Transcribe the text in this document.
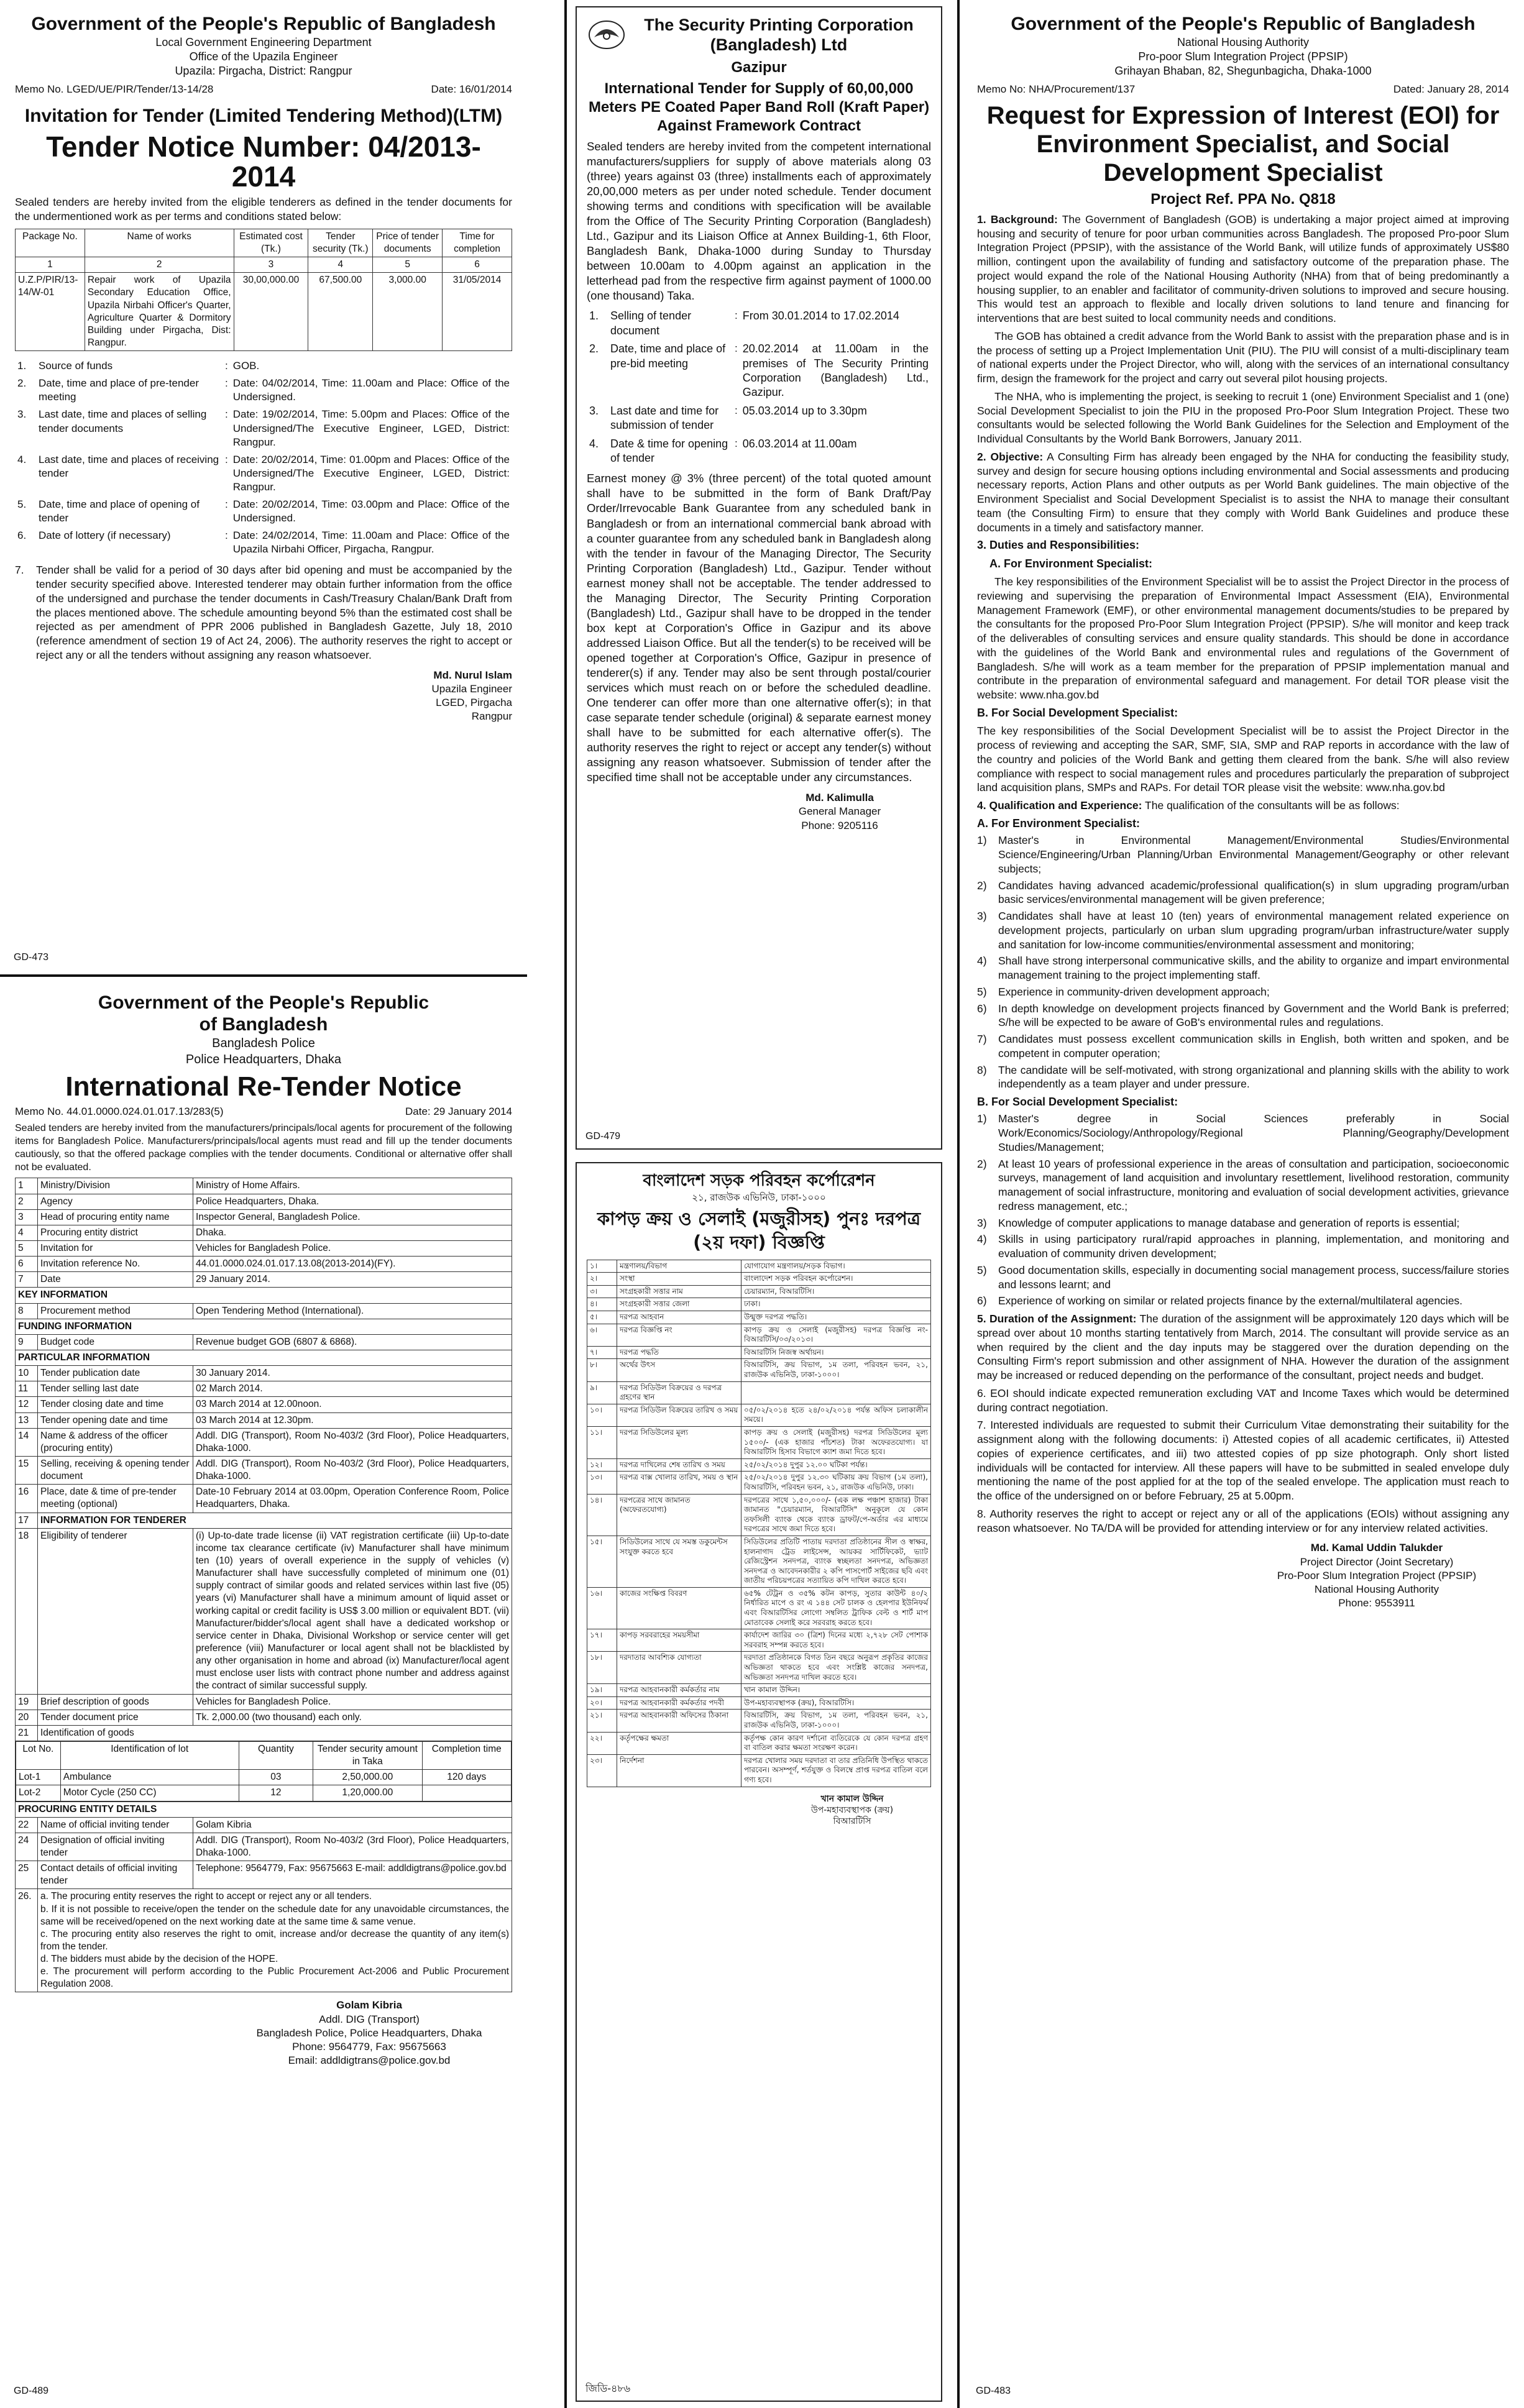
Government of the People's Republic of Bangladesh
Local Government Engineering Department
Office of the Upazila Engineer
Upazila: Pirgacha, District: Rangpur
Memo No. LGED/UE/PIR/Tender/13-14/28	Date: 16/01/2014
Invitation for Tender (Limited Tendering Method)(LTM)
Tender Notice Number: 04/2013-2014
Sealed tenders are hereby invited from the eligible tenderers as defined in the tender documents for the undermentioned work as per terms and conditions stated below:
Package No.	Name of works	Estimated cost (Tk.)	Tender security (Tk.)	Price of tender documents	Time for completion
1	2	3	4	5	6
U.Z.P/PIR/13-14/W-01	Repair work of Upazila Secondary Education Office, Upazila Nirbahi Officer's Quarter, Agriculture Quarter & Dormitory Building under Pirgacha, Dist: Rangpur.	30,00,000.00	67,500.00	3,000.00	31/05/2014
1.	Source of funds	:	GOB.
2.	Date, time and place of pre-tender meeting	:	Date: 04/02/2014, Time: 11.00am and Place: Office of the Undersigned.
3.	Last date, time and places of selling tender documents	:	Date: 19/02/2014, Time: 5.00pm and Places: Office of the Undersigned/The Executive Engineer, LGED, District: Rangpur.
4.	Last date, time and places of receiving tender	:	Date: 20/02/2014, Time: 01.00pm and Places: Office of the Undersigned/The Executive Engineer, LGED, District: Rangpur.
5.	Date, time and place of opening of tender	:	Date: 20/02/2014, Time: 03.00pm and Place: Office of the Undersigned.
6.	Date of lottery (if necessary)	:	Date: 24/02/2014, Time: 11.00am and Place: Office of the Upazila Nirbahi Officer, Pirgacha, Rangpur.
7.	Tender shall be valid for a period of 30 days after bid opening and must be accompanied by the tender security specified above. Interested tenderer may obtain further information from the office of the undersigned and purchase the tender documents in Cash/Treasury Chalan/Bank Draft from the places mentioned above. The schedule amounting beyond 5% than the estimated cost shall be rejected as per amendment of PPR 2006 published in Bangladesh Gazette, July 18, 2010 (reference amendment of section 19 of Act 24, 2006). The authority reserves the right to accept or reject any or all the tenders without assigning any reason whatsoever.
Md. Nurul Islam
Upazila Engineer
LGED, Pirgacha
Rangpur
GD-473
Government of the People's Republic
of Bangladesh
Bangladesh Police
Police Headquarters, Dhaka
International Re-Tender Notice
Memo No. 44.01.0000.024.01.017.13/283(5)	Date: 29 January 2014
Sealed tenders are hereby invited from the manufacturers/principals/local agents for procurement of the following items for Bangladesh Police. Manufacturers/principals/local agents must read and fill up the tender documents cautiously, so that the offered package complies with the tender documents. Conditional or alternative offer shall not be evaluated.
1	Ministry/Division	Ministry of Home Affairs.
2	Agency	Police Headquarters, Dhaka.
3	Head of procuring entity name	Inspector General, Bangladesh Police.
4	Procuring entity district	Dhaka.
5	Invitation for	Vehicles for Bangladesh Police.
6	Invitation reference No.	44.01.0000.024.01.017.13.08(2013-2014)(FY).
7	Date	29 January 2014.
KEY INFORMATION
8	Procurement method	Open Tendering Method (International).
FUNDING INFORMATION
9	Budget code	Revenue budget GOB (6807 & 6868).
PARTICULAR INFORMATION
10	Tender publication date	30 January 2014.
11	Tender selling last date	02 March 2014.
12	Tender closing date and time	03 March 2014 at 12.00noon.
13	Tender opening date and time	03 March 2014 at 12.30pm.
14	Name & address of the officer (procuring entity)	Addl. DIG (Transport), Room No-403/2 (3rd Floor), Police Headquarters, Dhaka-1000.
15	Selling, receiving & opening tender document	Addl. DIG (Transport), Room No-403/2 (3rd Floor), Police Headquarters, Dhaka-1000.
16	Place, date & time of pre-tender meeting (optional)	Date-10 February 2014 at 03.00pm, Operation Conference Room, Police Headquarters, Dhaka.
17	INFORMATION FOR TENDERER
18	Eligibility of tenderer	(i) Up-to-date trade license (ii) VAT registration certificate (iii) Up-to-date income tax clearance certificate (iv) Manufacturer shall have minimum ten (10) years of overall experience in the supply of vehicles (v) Manufacturer shall have successfully completed of minimum one (01) supply contract of similar goods and related services within last five (05) years (vi) Manufacturer shall have a minimum amount of liquid asset or working capital or credit facility is US$ 3.00 million or equivalent BDT. (vii) Manufacturer/bidder's/local agent shall have a dedicated workshop or service center in Dhaka, Divisional Workshop or service center will get preference (viii) Manufacturer or local agent shall not be blacklisted by any other organisation in home and abroad (ix) Manufacturer/local agent must enclose user lists with contract phone number and address against the contract of similar successful supply.
19	Brief description of goods	Vehicles for Bangladesh Police.
20	Tender document price	Tk. 2,000.00 (two thousand) each only.
21	Identification of goods

Lot No.	Identification of lot	Quantity	Tender security amount in Taka	Completion time
Lot-1	Ambulance	03	2,50,000.00	120 days
Lot-2	Motor Cycle (250 CC)	12	1,20,000.00	

PROCURING ENTITY DETAILS
22	Name of official inviting tender	Golam Kibria
24	Designation of official inviting tender	Addl. DIG (Transport), Room No-403/2 (3rd Floor), Police Headquarters, Dhaka-1000.
25	Contact details of official inviting tender	Telephone: 9564779, Fax: 95675663 E-mail: addldigtrans@police.gov.bd
26.	a. The procuring entity reserves the right to accept or reject any or all tenders.
b. If it is not possible to receive/open the tender on the schedule date for any unavoidable circumstances, the same will be received/opened on the next working date at the same time & same venue.
c. The procuring entity also reserves the right to omit, increase and/or decrease the quantity of any item(s) from the tender.
d. The bidders must abide by the decision of the HOPE.
e. The procurement will perform according to the Public Procurement Act-2006 and Public Procurement Regulation 2008.
Golam Kibria
Addl. DIG (Transport)
Bangladesh Police, Police Headquarters, Dhaka
Phone: 9564779, Fax: 95675663
Email: addldigtrans@police.gov.bd
GD-489
The Security Printing Corporation (Bangladesh) Ltd
Gazipur
International Tender for Supply of 60,00,000 Meters PE Coated Paper Band Roll (Kraft Paper) Against Framework Contract
Sealed tenders are hereby invited from the competent international manufacturers/suppliers for supply of above materials along 03 (three) years against 03 (three) installments each of approximately 20,00,000 meters as per under noted schedule. Tender document showing terms and conditions with specification will be available from the Office of The Security Printing Corporation (Bangladesh) Ltd., Gazipur and its Liaison Office at Annex Building-1, 6th Floor, Bangladesh Bank, Dhaka-1000 during Sunday to Thursday between 10.00am to 4.00pm against an application in the letterhead pad from the respective firm against payment of 1000.00 (one thousand) Taka.
1.	Selling of tender document	:	From 30.01.2014 to 17.02.2014
2.	Date, time and place of pre-bid meeting	:	20.02.2014 at 11.00am in the premises of The Security Printing Corporation (Bangladesh) Ltd., Gazipur.
3.	Last date and time for submission of tender	:	05.03.2014 up to 3.30pm
4.	Date & time for opening of tender	:	06.03.2014 at 11.00am
Earnest money @ 3% (three percent) of the total quoted amount shall have to be submitted in the form of Bank Draft/Pay Order/Irrevocable Bank Guarantee from any scheduled bank in Bangladesh or from an international commercial bank abroad with a counter guarantee from any scheduled bank in Bangladesh along with the tender in favour of the Managing Director, The Security Printing Corporation (Bangladesh) Ltd., Gazipur. Tender without earnest money shall not be acceptable. The tender addressed to the Managing Director, The Security Printing Corporation (Bangladesh) Ltd., Gazipur shall have to be dropped in the tender box kept at Corporation's Office in Gazipur and its above addressed Liaison Office. But all the tender(s) to be received will be opened together at Corporation's Office, Gazipur in presence of tenderer(s) if any. Tender may also be sent through postal/courier services which must reach on or before the scheduled deadline. One tenderer can offer more than one alternative offer(s); in that case separate tender schedule (original) & separate earnest money shall have to be submitted for each alternative offer(s). The authority reserves the right to reject or accept any tender(s) without assigning any reason whatsoever. Submission of tender after the specified time shall not be acceptable under any circumstances.
Md. Kalimulla
General Manager
Phone: 9205116
GD-479
বাংলাদেশ সড়ক পরিবহন কর্পোরেশন
২১, রাজউক এভিনিউ, ঢাকা-১০০০
কাপড় ক্রয় ও সেলাই (মজুরীসহ) পুনঃ দরপত্র (২য় দফা) বিজ্ঞপ্তি
১।	মন্ত্রণালয়/বিভাগ	যোগাযোগ মন্ত্রণালয়/সড়ক বিভাগ।
২।	সংস্থা	বাংলাদেশ সড়ক পরিবহন কর্পোরেশন।
৩।	সংগ্রহকারী সত্তার নাম	চেয়ারম্যান, বিআরটিসি।
৪।	সংগ্রহকারী সত্তার জেলা	ঢাকা।
৫।	দরপত্র আহবান	উন্মুক্ত দরপত্র পদ্ধতি।
৬।	দরপত্র বিজ্ঞপ্তি নং	কাপড় ক্রয় ও সেলাই (মজুরীসহ) দরপত্র বিজ্ঞপ্তি নং-বিআরটিসি/০৩/২০১৩।
৭।	দরপত্র পদ্ধতি	বিআরটিসি নিজস্ব অর্থায়ন।
৮।	অর্থের উৎস	বিআরটিসি, ক্রয় বিভাগ, ১ম তলা, পরিবহন ভবন, ২১, রাজউক এভিনিউ, ঢাকা-১০০০।
৯।	দরপত্র সিডিউল বিক্রয়ের ও দরপত্র গ্রহণের স্থান	
১০।	দরপত্র সিডিউল বিক্রয়ের তারিখ ও সময়	০৫/০২/২০১৪ হতে ২৪/০২/২০১৪ পর্যন্ত অফিস চলাকালীন সময়ে।
১১।	দরপত্র সিডিউলের মূল্য	কাপড় ক্রয় ও সেলাই (মজুরীসহ) দরপত্র সিডিউলের মূল্য ১৫০০/- (এক হাজার পাঁচশত) টাকা অফেরতযোগ্য। যা বিআরটিসি হিসাব বিভাগে ক্যাশ জমা দিতে হবে।
১২।	দরপত্র দাখিলের শেষ তারিখ ও সময়	২৫/০২/২০১৪ দুপুর ১২.০০ ঘটিকা পর্যন্ত।
১৩।	দরপত্র বাক্স খোলার তারিখ, সময় ও স্থান	২৫/০২/২০১৪ দুপুর ১২.৩০ ঘটিকায় ক্রয় বিভাগ (১ম তলা), বিআরটিসি, পরিবহন ভবন, ২১, রাজউক এভিনিউ, ঢাকা।
১৪।	দরপত্রের সাথে জামানত (অফেরতযোগ্য)	দরপত্রের সাথে ১,৫০,০০০/- (এক লক্ষ পঞ্চাশ হাজার) টাকা জামানত "চেয়ারম্যান, বিআরটিসি" অনুকূলে যে কোন তফসিলী ব্যাংক থেকে ব্যাংক ড্রাফট/পে-অর্ডার এর মাধ্যমে দরপত্রের সাথে জমা দিতে হবে।
১৫।	সিডিউলের সাথে যে সমস্ত ডকুমেন্টস সংযুক্ত করতে হবে	সিডিউলের প্রতিটি পাতায় দরদাতা প্রতিষ্ঠানের সীল ও স্বাক্ষর, হালনাগাদ ট্রেড লাইসেন্স, আয়কর সার্টিফিকেট, ভ্যাট রেজিস্ট্রেশন সনদপত্র, ব্যাংক স্বচ্ছলতা সনদপত্র, অভিজ্ঞতা সনদপত্র ও আবেদনকারীর ২ কপি পাসপোর্ট সাইজের ছবি এবং জাতীয় পরিচয়পত্রের সত্যায়িত কপি দাখিল করতে হবে।
১৬।	কাজের সংক্ষিপ্ত বিবরণ	৬৫% টেট্রন ও ৩৫% কটন কাপড়, সুতার কাউন্ট ৪০/২ নির্ধারিত মাপে ও রং এ ১৪৪ সেট চালক ও হেলপার ইউনিফর্ম এবং বিআরটিসির লোগো সম্বলিত ট্রাফিক বেল্ট ও শার্ট মাপ মোতাবেক সেলাই করে সরবরাহ করতে হবে।
১৭।	কাপড় সরবরাহের সময়সীমা	কার্যাদেশ জারির ৩০ (ত্রিশ) দিনের মধ্যে ২,৭২৮ সেট পোশাক সরবরাহ সম্পন্ন করতে হবে।
১৮।	দরদাতার আবশ্যিক যোগ্যতা	দরদাতা প্রতিষ্ঠানকে বিগত তিন বছরে অনুরূপ প্রকৃতির কাজের অভিজ্ঞতা থাকতে হবে এবং সংশ্লিষ্ট কাজের সনদপত্র, অভিজ্ঞতা সনদপত্র দাখিল করতে হবে।
১৯।	দরপত্র আহবানকারী কর্মকর্তার নাম	খান কামাল উদ্দিন।
২০।	দরপত্র আহবানকারী কর্মকর্তার পদবী	উপ-মহাব্যবস্থাপক (ক্রয়), বিআরটিসি।
২১।	দরপত্র আহবানকারী অফিসের ঠিকানা	বিআরটিসি, ক্রয় বিভাগ, ১ম তলা, পরিবহন ভবন, ২১, রাজউক এভিনিউ, ঢাকা-১০০০।
২২।	কর্তৃপক্ষের ক্ষমতা	কর্তৃপক্ষ কোন কারণ দর্শানো ব্যতিরেকে যে কোন দরপত্র গ্রহণ বা বাতিল করার ক্ষমতা সংরক্ষণ করেন।
২৩।	নির্দেশনা	দরপত্র খোলার সময় দরদাতা বা তার প্রতিনিধি উপস্থিত থাকতে পারবেন। অসম্পূর্ণ, শর্তযুক্ত ও বিলম্বে প্রাপ্ত দরপত্র বাতিল বলে গণ্য হবে।
খান কামাল উদ্দিন
উপ-মহাব্যবস্থাপক (ক্রয়)
বিআরটিসি
জিডি-৪৮৬
Government of the People's Republic of Bangladesh
National Housing Authority
Pro-poor Slum Integration Project (PPSIP)
Grihayan Bhaban, 82, Shegunbagicha, Dhaka-1000
Memo No: NHA/Procurement/137	Dated: January 28, 2014
Request for Expression of Interest (EOI) for Environment Specialist, and Social Development Specialist
Project Ref. PPA No. Q818
1. Background: The Government of Bangladesh (GOB) is undertaking a major project aimed at improving housing and security of tenure for poor urban communities across Bangladesh. The proposed Pro-poor Slum Integration Project (PPSIP), with the assistance of the World Bank, will utilize funds of approximately US$80 million, contingent upon the availability of funding and satisfactory outcome of the preparation phase. The project would expand the role of the National Housing Authority (NHA) from that of being predominantly a housing supplier, to an enabler and facilitator of community-driven solutions to improved and secure housing. This would test an approach to flexible and locally driven solutions to land tenure and financing for interventions that are best suited to local community needs and conditions.
The GOB has obtained a credit advance from the World Bank to assist with the preparation phase and is in the process of setting up a Project Implementation Unit (PIU). The PIU will consist of a multi-disciplinary team of national experts under the Project Director, who will, along with the services of an international consultancy firm, design the framework for the project and carry out several pilot housing projects.
The NHA, who is implementing the project, is seeking to recruit 1 (one) Environment Specialist and 1 (one) Social Development Specialist to join the PIU in the proposed Pro-Poor Slum Integration Project. These two consultants would be selected following the World Bank Guidelines for the Selection and Employment of the Individual Consultants by the World Bank Borrowers, January 2011.
2. Objective: A Consulting Firm has already been engaged by the NHA for conducting the feasibility study, survey and design for secure housing options including environmental and Social assessments and producing necessary reports, Action Plans and other outputs as per World Bank guidelines. The main objective of the Environment Specialist and Social Development Specialist is to assist the NHA to manage their consultant team (the Consulting Firm) to ensure that they comply with World Bank Guidelines and produce these documents in a timely and satisfactory manner.
3. Duties and Responsibilities:
A. For Environment Specialist:
The key responsibilities of the Environment Specialist will be to assist the Project Director in the process of reviewing and supervising the preparation of Environmental Impact Assessment (EIA), Environmental Management Framework (EMF), or other environmental management documents/studies to be prepared by the consultants for the proposed Pro-Poor Slum Integration Project (PPSIP). S/he will monitor and keep track of the deliverables of consulting services and ensure quality standards. This should be done in accordance with the guidelines of the World Bank and environmental rules and regulations of the Government of Bangladesh. S/he will work as a team member for the preparation of PPSIP implementation manual and contribute in the preparation of environmental safeguard and management. For detail TOR please visit the website: www.nha.gov.bd
B. For Social Development Specialist:
The key responsibilities of the Social Development Specialist will be to assist the Project Director in the process of reviewing and accepting the SAR, SMF, SIA, SMP and RAP reports in accordance with the law of the country and policies of the World Bank and getting them cleared from the bank. S/he will also review compliance with respect to social management rules and procedures particularly the preparation of subproject land acquisition plans, SMPs and RAPs. For detail TOR please visit the website: www.nha.gov.bd
4. Qualification and Experience: The qualification of the consultants will be as follows:
A. For Environment Specialist:
1)	Master's in Environmental Management/Environmental Studies/Environmental Science/Engineering/Urban Planning/Urban Environmental Management/Geography or other relevant subjects;
2)	Candidates having advanced academic/professional qualification(s) in slum upgrading program/urban basic services/environmental management will be given preference;
3)	Candidates shall have at least 10 (ten) years of environmental management related experience on development projects, particularly on urban slum upgrading program/urban infrastructure/water supply and sanitation for low-income communities/environmental assessment and monitoring;
4)	Shall have strong interpersonal communicative skills, and the ability to organize and impart environmental management training to the project implementing staff.
5)	Experience in community-driven development approach;
6)	In depth knowledge on development projects financed by Government and the World Bank is preferred; S/he will be expected to be aware of GoB's environmental rules and regulations.
7)	Candidates must possess excellent communication skills in English, both written and spoken, and be competent in computer operation;
8)	The candidate will be self-motivated, with strong organizational and planning skills with the ability to work independently as a team player and under pressure.
B. For Social Development Specialist:
1)	Master's degree in Social Sciences preferably in Social Work/Economics/Sociology/Anthropology/Regional Planning/Geography/Development Studies/Management;
2)	At least 10 years of professional experience in the areas of consultation and participation, socioeconomic surveys, management of land acquisition and involuntary resettlement, livelihood restoration, community management of social infrastructure, monitoring and evaluation of social development activities, grievance redress management, etc.;
3)	Knowledge of computer applications to manage database and generation of reports is essential;
4)	Skills in using participatory rural/rapid approaches in planning, implementation, and monitoring and evaluation of community driven development;
5)	Good documentation skills, especially in documenting social management process, success/failure stories and lessons learnt; and
6)	Experience of working on similar or related projects finance by the external/multilateral agencies.
5. Duration of the Assignment: The duration of the assignment will be approximately 120 days which will be spread over about 10 months starting tentatively from March, 2014. The consultant will provide service as an when required by the client and the day inputs may be staggered over the duration depending on the Consulting Firm's report submission and other assignment of NHA. However the duration of the assignment may be increased or reduced depending on the performance of the consultant, project needs and budget.
6. EOI should indicate expected remuneration excluding VAT and Income Taxes which would be determined during contract negotiation.
7. Interested individuals are requested to submit their Curriculum Vitae demonstrating their suitability for the assignment along with the following documents: i) Attested copies of all academic certificates, ii) Attested copies of experience certificates, and iii) two attested copies of pp size photograph. Only short listed individuals will be contacted for interview. All these papers will have to be submitted in sealed envelope duly mentioning the name of the post applied for at the top of the sealed envelope. The application must reach to the office of the undersigned on or before February, 25 at 5.00pm.
8. Authority reserves the right to accept or reject any or all of the applications (EOIs) without assigning any reason whatsoever. No TA/DA will be provided for attending interview or for any interview related activities.
Md. Kamal Uddin Talukder
Project Director (Joint Secretary)
Pro-Poor Slum Integration Project (PPSIP)
National Housing Authority
Phone: 9553911
GD-483
